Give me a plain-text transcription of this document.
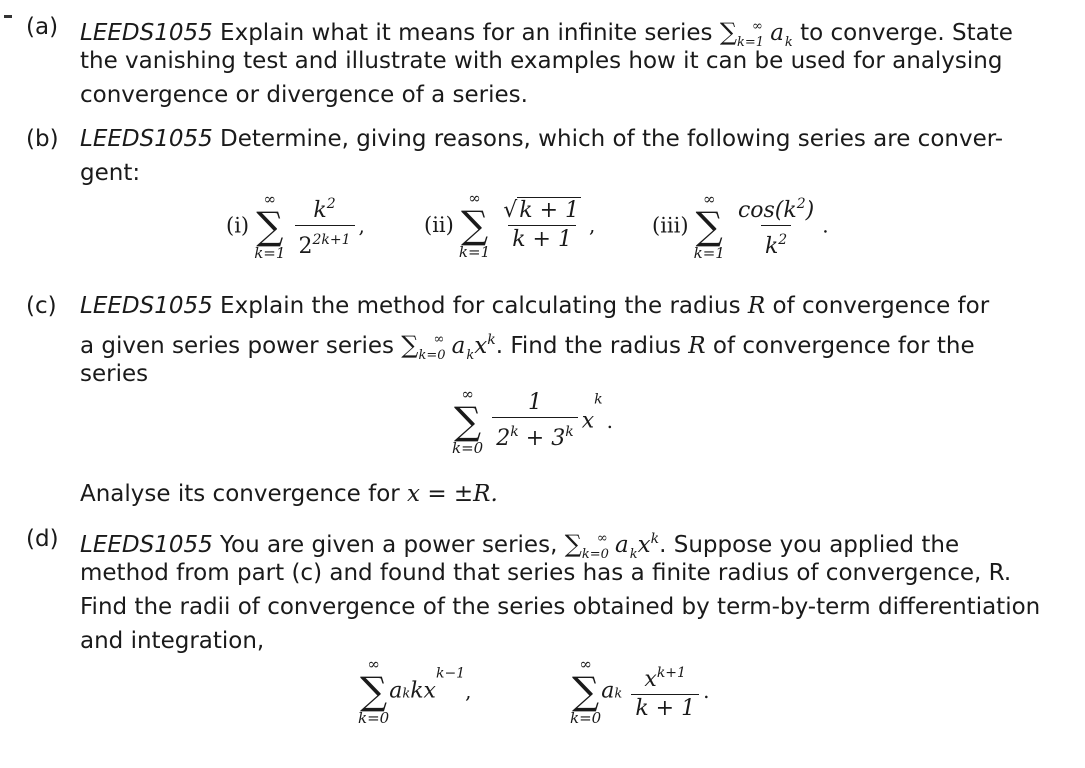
(a) LEEDS1055 Explain what it means for an infinite series $\sum_{k=1}^\infty$ $a_k$ to converge. State
the vanishing test and illustrate with examples how it can be used for analysing
convergence or divergence of a series.
(b) LEEDS1055 Determine, giving reasons, which of the following series are conver-
gent:
(i)
∞
∑
k=1
$\frac{k^2}{2^{2k+1}}$ ,	(ii)
∞
∑
k=1
$\frac{√k + 1}{k + 1}$ ,	(iii)
∞
∑
k=1
$\frac{\cos(k^2)}{k^2}$ .
(c) LEEDS1055 Explain the method for calculating the radius R of convergence for
a given series power series $\sum_{k=0}^\infty$ $a_kx^k$. Find the radius R of convergence for the
series
∞
∑
k=0
$\frac{1}{2^k + 3^k}$ xk.
Analyse its convergence for x = ±R.
(d) LEEDS1055 You are given a power series, $\sum_{k=0}^\infty$ $a_kx^k$. Suppose you applied the
method from part (c) and found that series has a finite radius of convergence, R.
Find the radii of convergence of the series obtained by term-by-term differentiation
and integration,
∞
∑
k=0
akkxk−1,
∞
∑
k=0
ak $\frac{x^{k+1}}{k + 1}$ .
